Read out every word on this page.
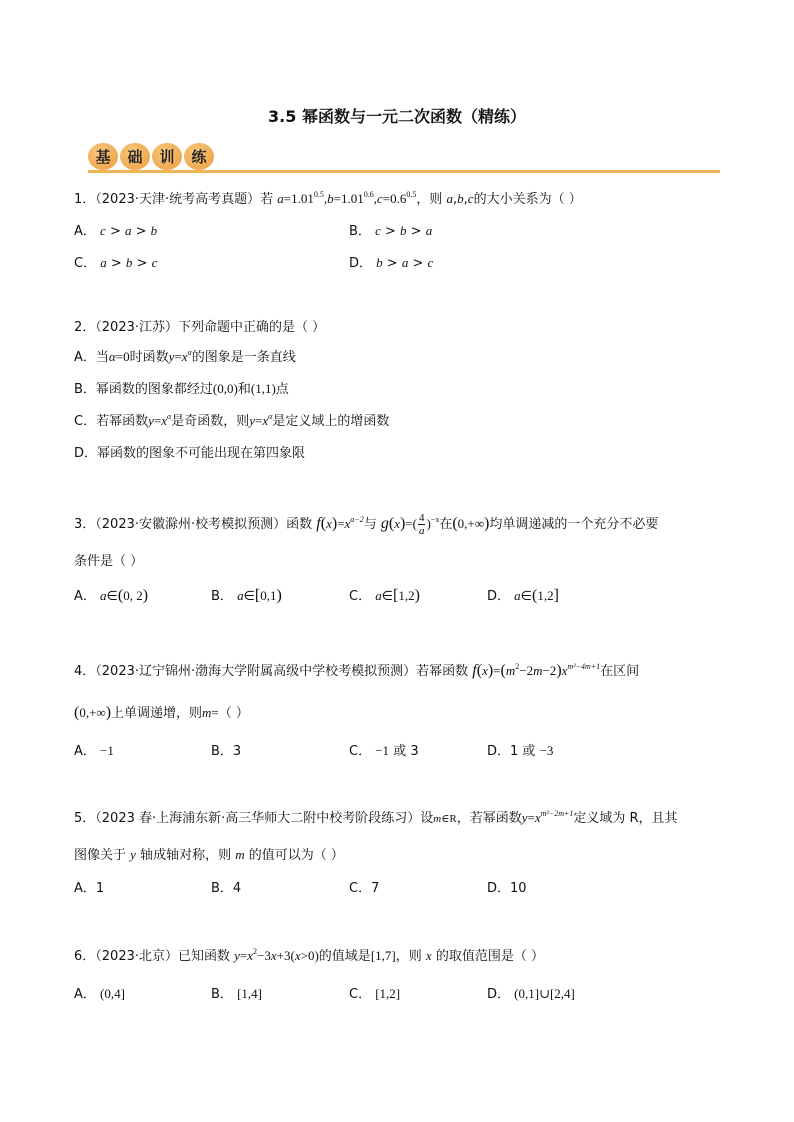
3.5 幂函数与一元二次函数（精练）
基	础	训	练
1．（2023·天津·统考高考真题）若 $a=1.01^{0.5},b=1.01^{0.6},c=0.6^{0.5}$，则 a,b,c的大小关系为（ ）
A． c > a > b	B． c > b > a
C． a > b > c	D． b > a > c
2．（2023·江苏）下列命题中正确的是（ ）
A．当α=0时函数$y=x^\alpha$的图象是一条直线
B．幂函数的图象都经过(0,0)和(1,1)点
C．若幂函数$y=x^\alpha$是奇函数，则$y=x^\alpha$是定义域上的增函数
D．幂函数的图象不可能出现在第四象限
3．（2023·安徽滁州·校考模拟预测）函数 $f(x)=x^{a-2}$与 $g(x)=( \frac{4}{a} )^{-x}$在(0,+∞)均单调递减的一个充分不必要
条件是（ ）
A． a∈(0, 2)	B． a∈[0,1)	C． a∈[1,2)	D． a∈(1,2]
4．（2023·辽宁锦州·渤海大学附属高级中学校考模拟预测）若幂函数 $f(x)=(m^2-2m-2)x^{m^2-4m+1}$在区间
(0,+∞)上单调递增，则m=（ ）
A． −1	B．3	C． −1 或 3	D．1 或 −3
5．（2023 春·上海浦东新·高三华师大二附中校考阶段练习）设m∈R，若幂函数$y=x^{m^2-2m+1}$定义域为 R，且其
图像关于 y 轴成轴对称，则 m 的值可以为（ ）
A．1	B．4	C．7	D．10
6．（2023·北京）已知函数 $y=x^2-3x+3(x>0)$的值域是[1,7]，则 x 的取值范围是（ ）
A． (0,4]	B． [1,4]	C． [1,2]	D． (0,1]∪[2,4]
